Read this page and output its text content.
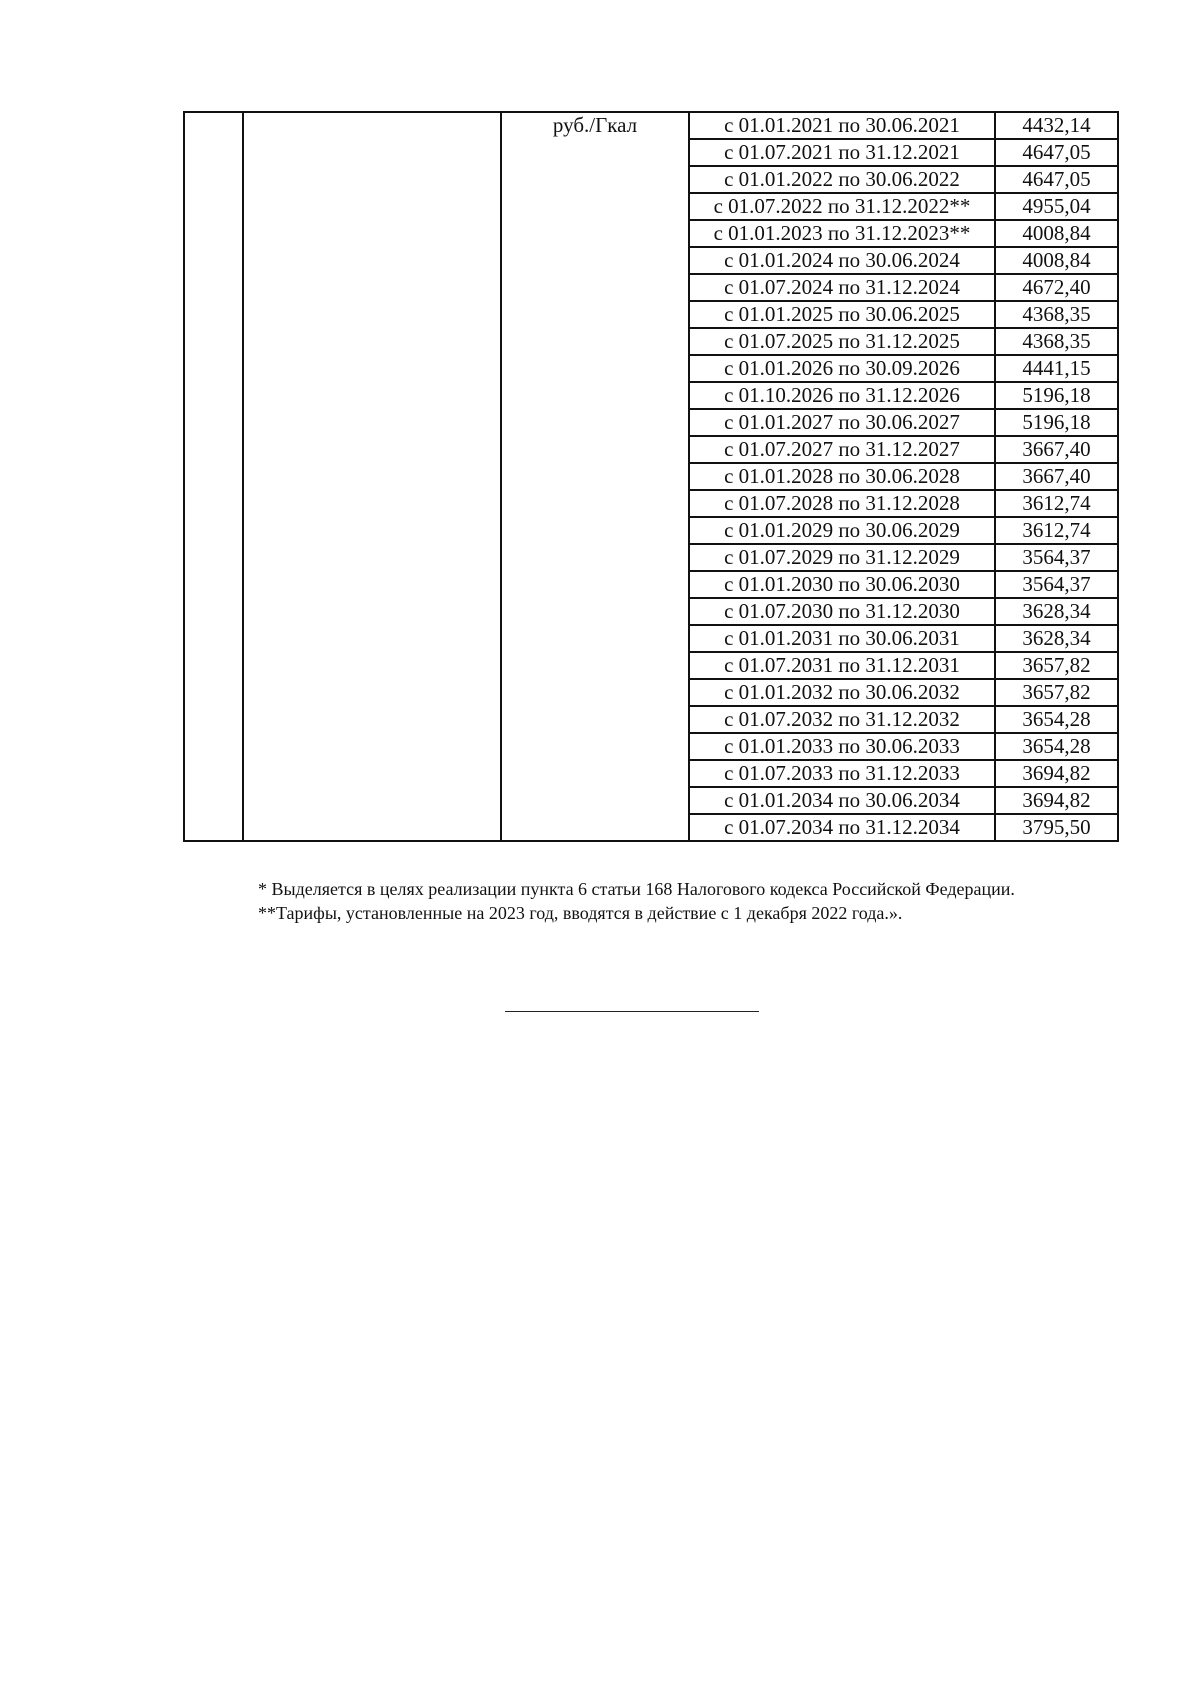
		руб./Гкал	с 01.01.2021 по 30.06.2021	4432,14
			с 01.07.2021 по 31.12.2021	4647,05
			с 01.01.2022 по 30.06.2022	4647,05
			с 01.07.2022 по 31.12.2022**	4955,04
			с 01.01.2023 по 31.12.2023**	4008,84
			с 01.01.2024 по 30.06.2024	4008,84
			с 01.07.2024 по 31.12.2024	4672,40
			с 01.01.2025 по 30.06.2025	4368,35
			с 01.07.2025 по 31.12.2025	4368,35
			с 01.01.2026 по 30.09.2026	4441,15
			с 01.10.2026 по 31.12.2026	5196,18
			с 01.01.2027 по 30.06.2027	5196,18
			с 01.07.2027 по 31.12.2027	3667,40
			с 01.01.2028 по 30.06.2028	3667,40
			с 01.07.2028 по 31.12.2028	3612,74
			с 01.01.2029 по 30.06.2029	3612,74
			с 01.07.2029 по 31.12.2029	3564,37
			с 01.01.2030 по 30.06.2030	3564,37
			с 01.07.2030 по 31.12.2030	3628,34
			с 01.01.2031 по 30.06.2031	3628,34
			с 01.07.2031 по 31.12.2031	3657,82
			с 01.01.2032 по 30.06.2032	3657,82
			с 01.07.2032 по 31.12.2032	3654,28
			с 01.01.2033 по 30.06.2033	3654,28
			с 01.07.2033 по 31.12.2033	3694,82
			с 01.01.2034 по 30.06.2034	3694,82
			с 01.07.2034 по 31.12.2034	3795,50

* Выделяется в целях реализации пункта 6 статьи 168 Налогового кодекса Российской Федерации.

**Тарифы, установленные на 2023 год, вводятся в действие с 1 декабря 2022 года.».
